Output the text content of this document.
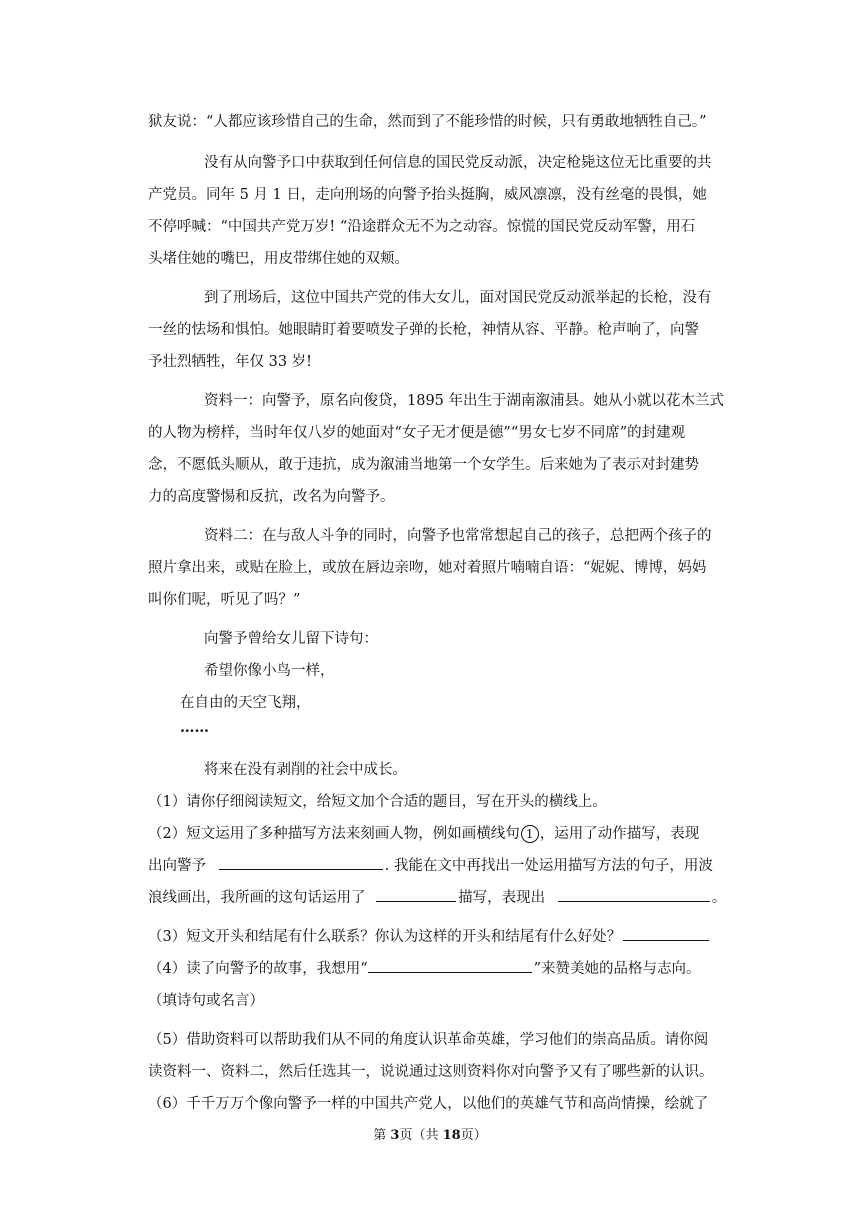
狱友说：“人都应该珍惜自己的生命，然而到了不能珍惜的时候，只有勇敢地牺牲自己。”
没有从向警予口中获取到任何信息的国民党反动派，决定枪毙这位无比重要的共
产党员。同年 5 月 1 日，走向刑场的向警予抬头挺胸，威风凛凛，没有丝毫的畏惧，她
不停呼喊：“中国共产党万岁! “沿途群众无不为之动容。惊慌的国民党反动军警，用石
头堵住她的嘴巴，用皮带绑住她的双颊。
到了刑场后，这位中国共产党的伟大女儿，面对国民党反动派举起的长枪，没有
一丝的怯场和惧怕。她眼睛盯着要喷发子弹的长枪，神情从容、平静。枪声响了，向警
予壮烈牺牲，年仅 33 岁!
资料一：向警予，原名向俊贷，1895 年出生于湖南溆浦县。她从小就以花木兰式
的人物为榜样，当时年仅八岁的她面对“女子无才便是德”“男女七岁不同席”的封建观
念，不愿低头顺从，敢于违抗，成为溆浦当地第一个女学生。后来她为了表示对封建势
力的高度警惕和反抗，改名为向警予。
资料二：在与敌人斗争的同时，向警予也常常想起自己的孩子，总把两个孩子的
照片拿出来，或贴在脸上，或放在唇边亲吻，她对着照片喃喃自语：“妮妮、博博，妈妈
叫你们呢，听见了吗？”
向警予曾给女儿留下诗句：
希望你像小鸟一样，
在自由的天空飞翔，
……
将来在没有剥削的社会中成长。
（1）请你仔细阅读短文，给短文加个合适的题目，写在开头的横线上。
（2）短文运用了多种描写方法来刻画人物，例如画横线句 1 ，运用了动作描写，表现
出向警予	. 我能在文中再找出一处运用描写方法的句子，用波
浪线画出，我所画的这句话运用了	描写，表现出	。
（3）短文开头和结尾有什么联系？你认为这样的开头和结尾有什么好处？
（4）读了向警予的故事，我想用“	”来赞美她的品格与志向。
（填诗句或名言）
（5）借助资料可以帮助我们从不同的角度认识革命英雄，学习他们的崇高品质。请你阅
读资料一、资料二，然后任选其一，说说通过这则资料你对向警予又有了哪些新的认识。
（6）千千万万个像向警予一样的中国共产党人，以他们的英雄气节和高尚情操，绘就了
第 3页（共 18页）
